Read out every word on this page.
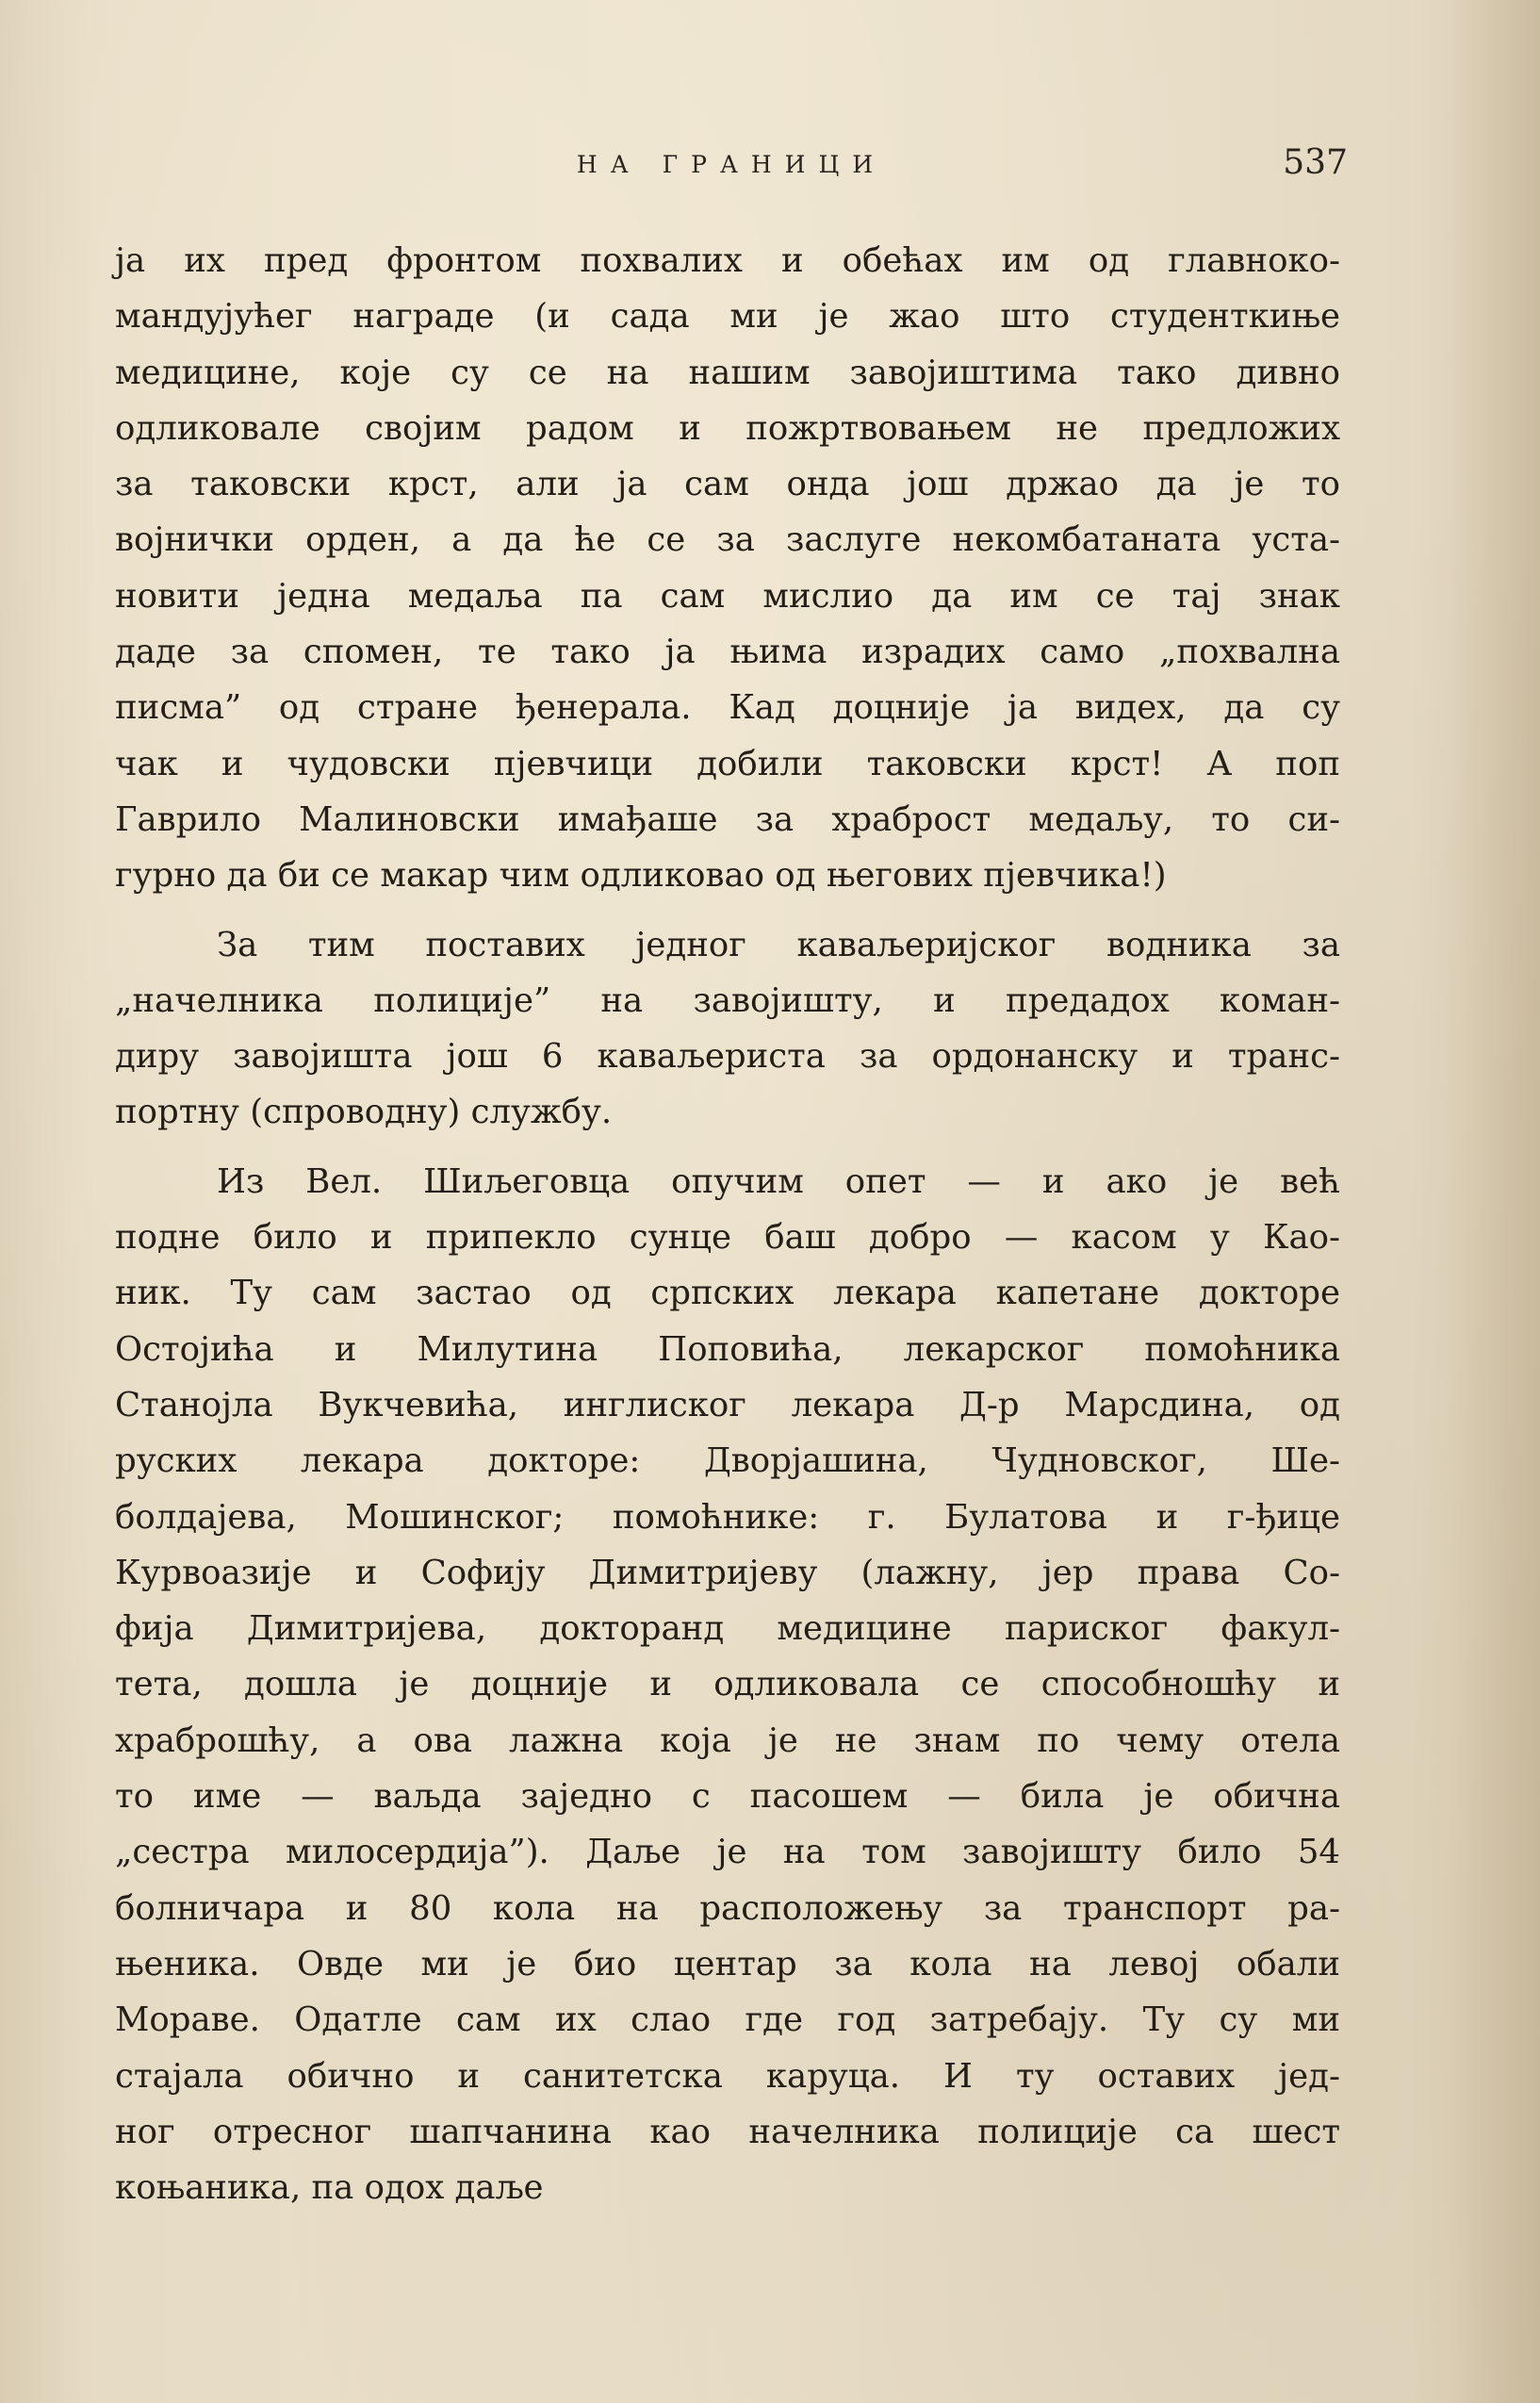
НА ГРАНИЦИ	537
ја их пред фронтом похвалих и обећах им од главноко-
мандујућег награде (и сада ми је жао што студенткиње
медицине, које су се на нашим завојиштима тако дивно
одликовале својим радом и пожртвовањем не предложих
за таковски крст, али ја сам онда још држао да је то
војнички орден, а да ће се за заслуге некомбатаната уста-
новити једна медаља па сам мислио да им се тај знак
даде за спомен, те тако ја њима израдих само „похвална
писма” од стране ђенерала. Кад доцније ја видех, да су
чак и чудовски пјевчици добили таковски крст! А поп
Гаврило Малиновски имађаше за храброст медаљу, то си-
гурно да би се макар чим одликовао од његових пјевчика!)
За тим поставих једног каваљеријског водника за
„начелника полиције” на завојишту, и предадох коман-
диру завојишта још 6 каваљериста за ордонанску и транс-
портну (спроводну) службу.
Из Вел. Шиљеговца опучим опет — и ако је већ
подне било и припекло сунце баш добро — касом у Као-
ник. Ту сам застао од српских лекара капетане докторе
Остојића и Милутина Поповића, лекарског помоћника
Станојла Вукчевића, инглиског лекара Д-р Марсдина, од
руских лекара докторе: Дворјашина, Чудновског, Ше-
болдајева, Мошинског; помоћнике: г. Булатова и г-ђице
Курвоазије и Софију Димитријеву (лажну, јер права Со-
фија Димитријева, докторанд медицине париског факул-
тета, дошла је доцније и одликовала се способношћу и
храброшћу, а ова лажна која је не знам по чему отела
то име — ваљда заједно с пасошем — била је обична
„сестра милосердија”). Даље је на том завојишту било 54
болничара и 80 кола на расположењу за транспорт ра-
њеника. Овде ми је био центар за кола на левој обали
Мораве. Одатле сам их слао где год затребају. Ту су ми
стајала обично и санитетска каруца. И ту оставих јед-
ног отресног шапчанина као начелника полиције са шест
коњаника, па одох даље
